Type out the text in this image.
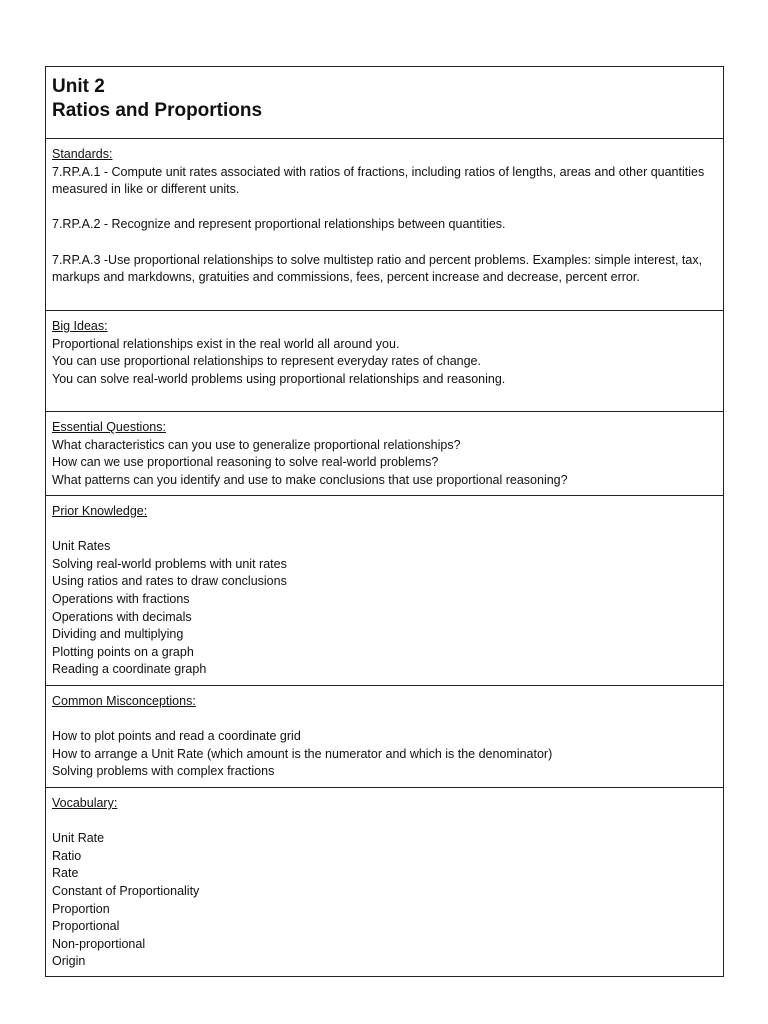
Unit 2
Ratios and Proportions
Standards:
7.RP.A.1 - Compute unit rates associated with ratios of fractions, including ratios of lengths, areas and other quantities measured in like or different units.
7.RP.A.2 - Recognize and represent proportional relationships between quantities.
7.RP.A.3 -Use proportional relationships to solve multistep ratio and percent problems. Examples: simple interest, tax, markups and markdowns, gratuities and commissions, fees, percent increase and decrease, percent error.
Big Ideas:
Proportional relationships exist in the real world all around you.
You can use proportional relationships to represent everyday rates of change.
You can solve real-world problems using proportional relationships and reasoning.
Essential Questions:
What characteristics can you use to generalize proportional relationships?
How can we use proportional reasoning to solve real-world problems?
What patterns can you identify and use to make conclusions that use proportional reasoning?
Prior Knowledge:
Unit Rates
Solving real-world problems with unit rates
Using ratios and rates to draw conclusions
Operations with fractions
Operations with decimals
Dividing and multiplying
Plotting points on a graph
Reading a coordinate graph
Common Misconceptions:
How to plot points and read a coordinate grid
How to arrange a Unit Rate (which amount is the numerator and which is the denominator)
Solving problems with complex fractions
Vocabulary:
Unit Rate
Ratio
Rate
Constant of Proportionality
Proportion
Proportional
Non-proportional
Origin
